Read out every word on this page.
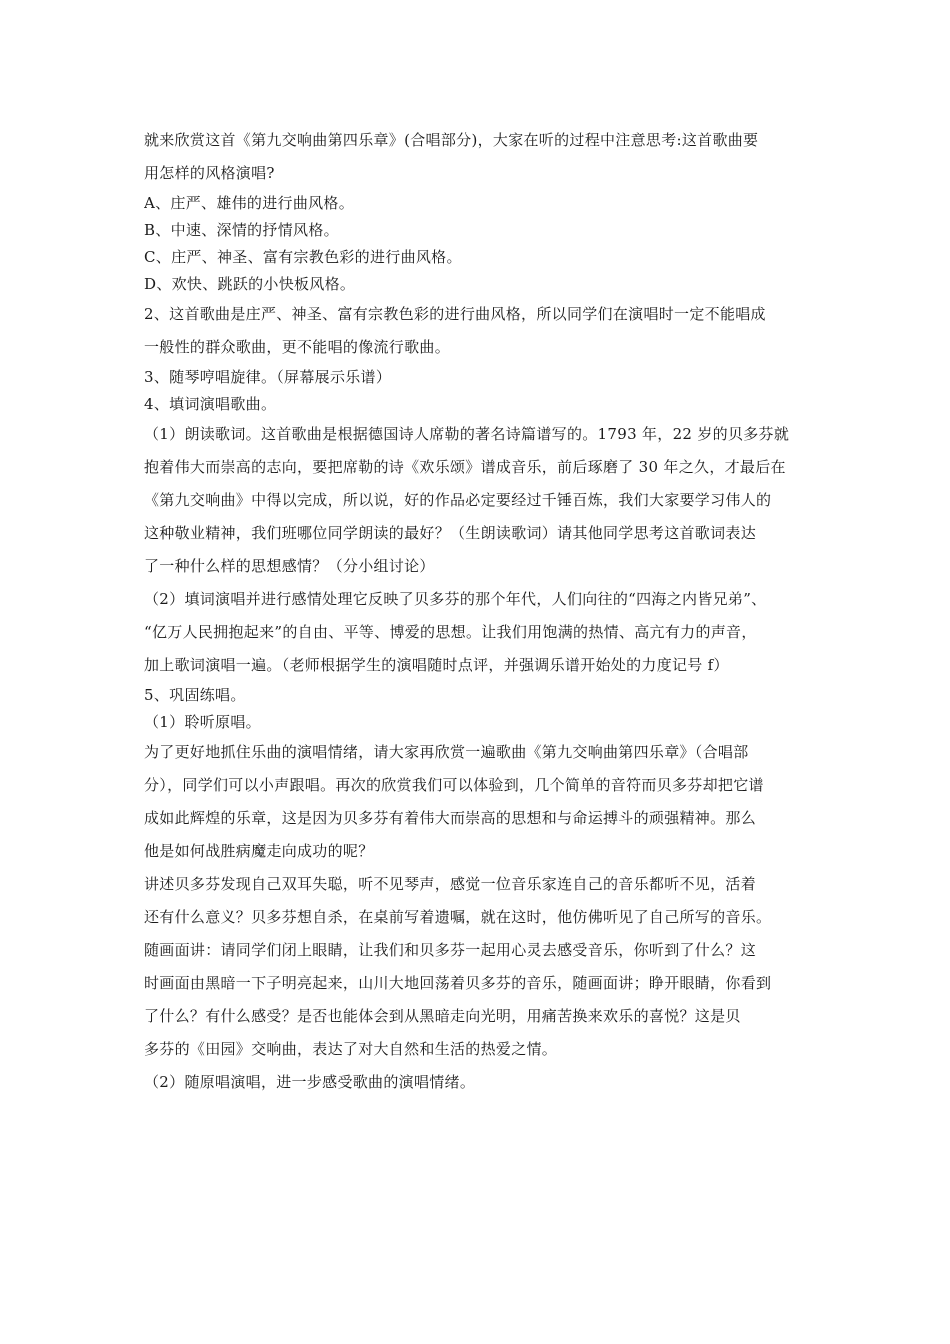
就来欣赏这首《第九交响曲第四乐章》(合唱部分)，大家在听的过程中注意思考:这首歌曲要

用怎样的风格演唱?

A、庄严、雄伟的进行曲风格。

B、中速、深情的抒情风格。

C、庄严、神圣、富有宗教色彩的进行曲风格。

D、欢快、跳跃的小快板风格。

2、这首歌曲是庄严、神圣、富有宗教色彩的进行曲风格，所以同学们在演唱时一定不能唱成

一般性的群众歌曲，更不能唱的像流行歌曲。

3、随琴哼唱旋律。（屏幕展示乐谱）

4、填词演唱歌曲。

（1）朗读歌词。这首歌曲是根据德国诗人席勒的著名诗篇谱写的。1793 年，22 岁的贝多芬就

抱着伟大而崇高的志向，要把席勒的诗《欢乐颂》谱成音乐，前后琢磨了 30 年之久，才最后在

《第九交响曲》中得以完成，所以说，好的作品必定要经过千锤百炼，我们大家要学习伟人的

这种敬业精神，我们班哪位同学朗读的最好？（生朗读歌词）请其他同学思考这首歌词表达

了一种什么样的思想感情？（分小组讨论）

（2）填词演唱并进行感情处理它反映了贝多芬的那个年代，人们向往的“四海之内皆兄弟”、

“亿万人民拥抱起来”的自由、平等、博爱的思想。让我们用饱满的热情、高亢有力的声音，

加上歌词演唱一遍。（老师根据学生的演唱随时点评，并强调乐谱开始处的力度记号 f）

5、巩固练唱。

（1）聆听原唱。

为了更好地抓住乐曲的演唱情绪，请大家再欣赏一遍歌曲《第九交响曲第四乐章》（合唱部

分），同学们可以小声跟唱。再次的欣赏我们可以体验到，几个简单的音符而贝多芬却把它谱

成如此辉煌的乐章，这是因为贝多芬有着伟大而崇高的思想和与命运搏斗的顽强精神。那么

他是如何战胜病魔走向成功的呢？

讲述贝多芬发现自己双耳失聪，听不见琴声，感觉一位音乐家连自己的音乐都听不见，活着

还有什么意义？贝多芬想自杀，在桌前写着遗嘱，就在这时，他仿佛听见了自己所写的音乐。

随画面讲：请同学们闭上眼睛，让我们和贝多芬一起用心灵去感受音乐，你听到了什么？这

时画面由黑暗一下子明亮起来，山川大地回荡着贝多芬的音乐，随画面讲；睁开眼睛，你看到

了什么？有什么感受？是否也能体会到从黑暗走向光明，用痛苦换来欢乐的喜悦？这是贝

多芬的《田园》交响曲，表达了对大自然和生活的热爱之情。

（2）随原唱演唱，进一步感受歌曲的演唱情绪。
